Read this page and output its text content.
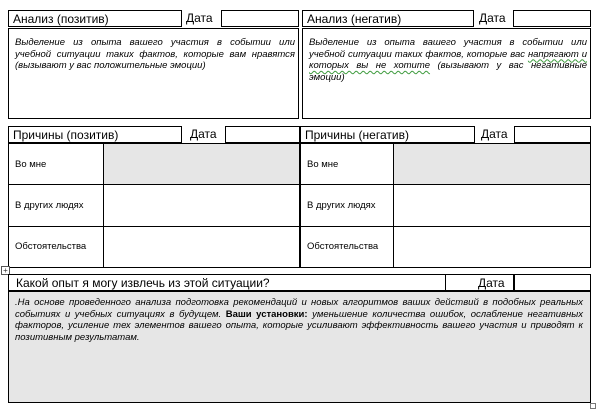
Анализ (позитив)	Дата

Выделение из опыта вашего участия в событии или учебной ситуации таких фактов, которые вам нравятся (вызывают у вас положительные эмоции)

Анализ (негатив)	Дата

Выделение из опыта вашего участия в событии или учебной ситуации таких фактов, которые вас напрягают и которых вы не хотите (вызывают у вас негативные эмоции)

Причины (позитив)	Дата
Во мне
В других людях
Обстоятельства
Причины (негатив)	Дата
Во мне
В других людях
Обстоятельства
+
Какой опыт я могу извлечь из этой ситуации?	Дата

.На основе проведенного анализа подготовка рекомендаций и новых алгоритмов ваших действий в подобных реальных событиях и учебных ситуациях в будущем. Ваши установки: уменьшение количества ошибок, ослабление негативных факторов, усиление тех элементов вашего опыта, которые усиливают эффективность вашего участия и приводят к позитивным результатам.
